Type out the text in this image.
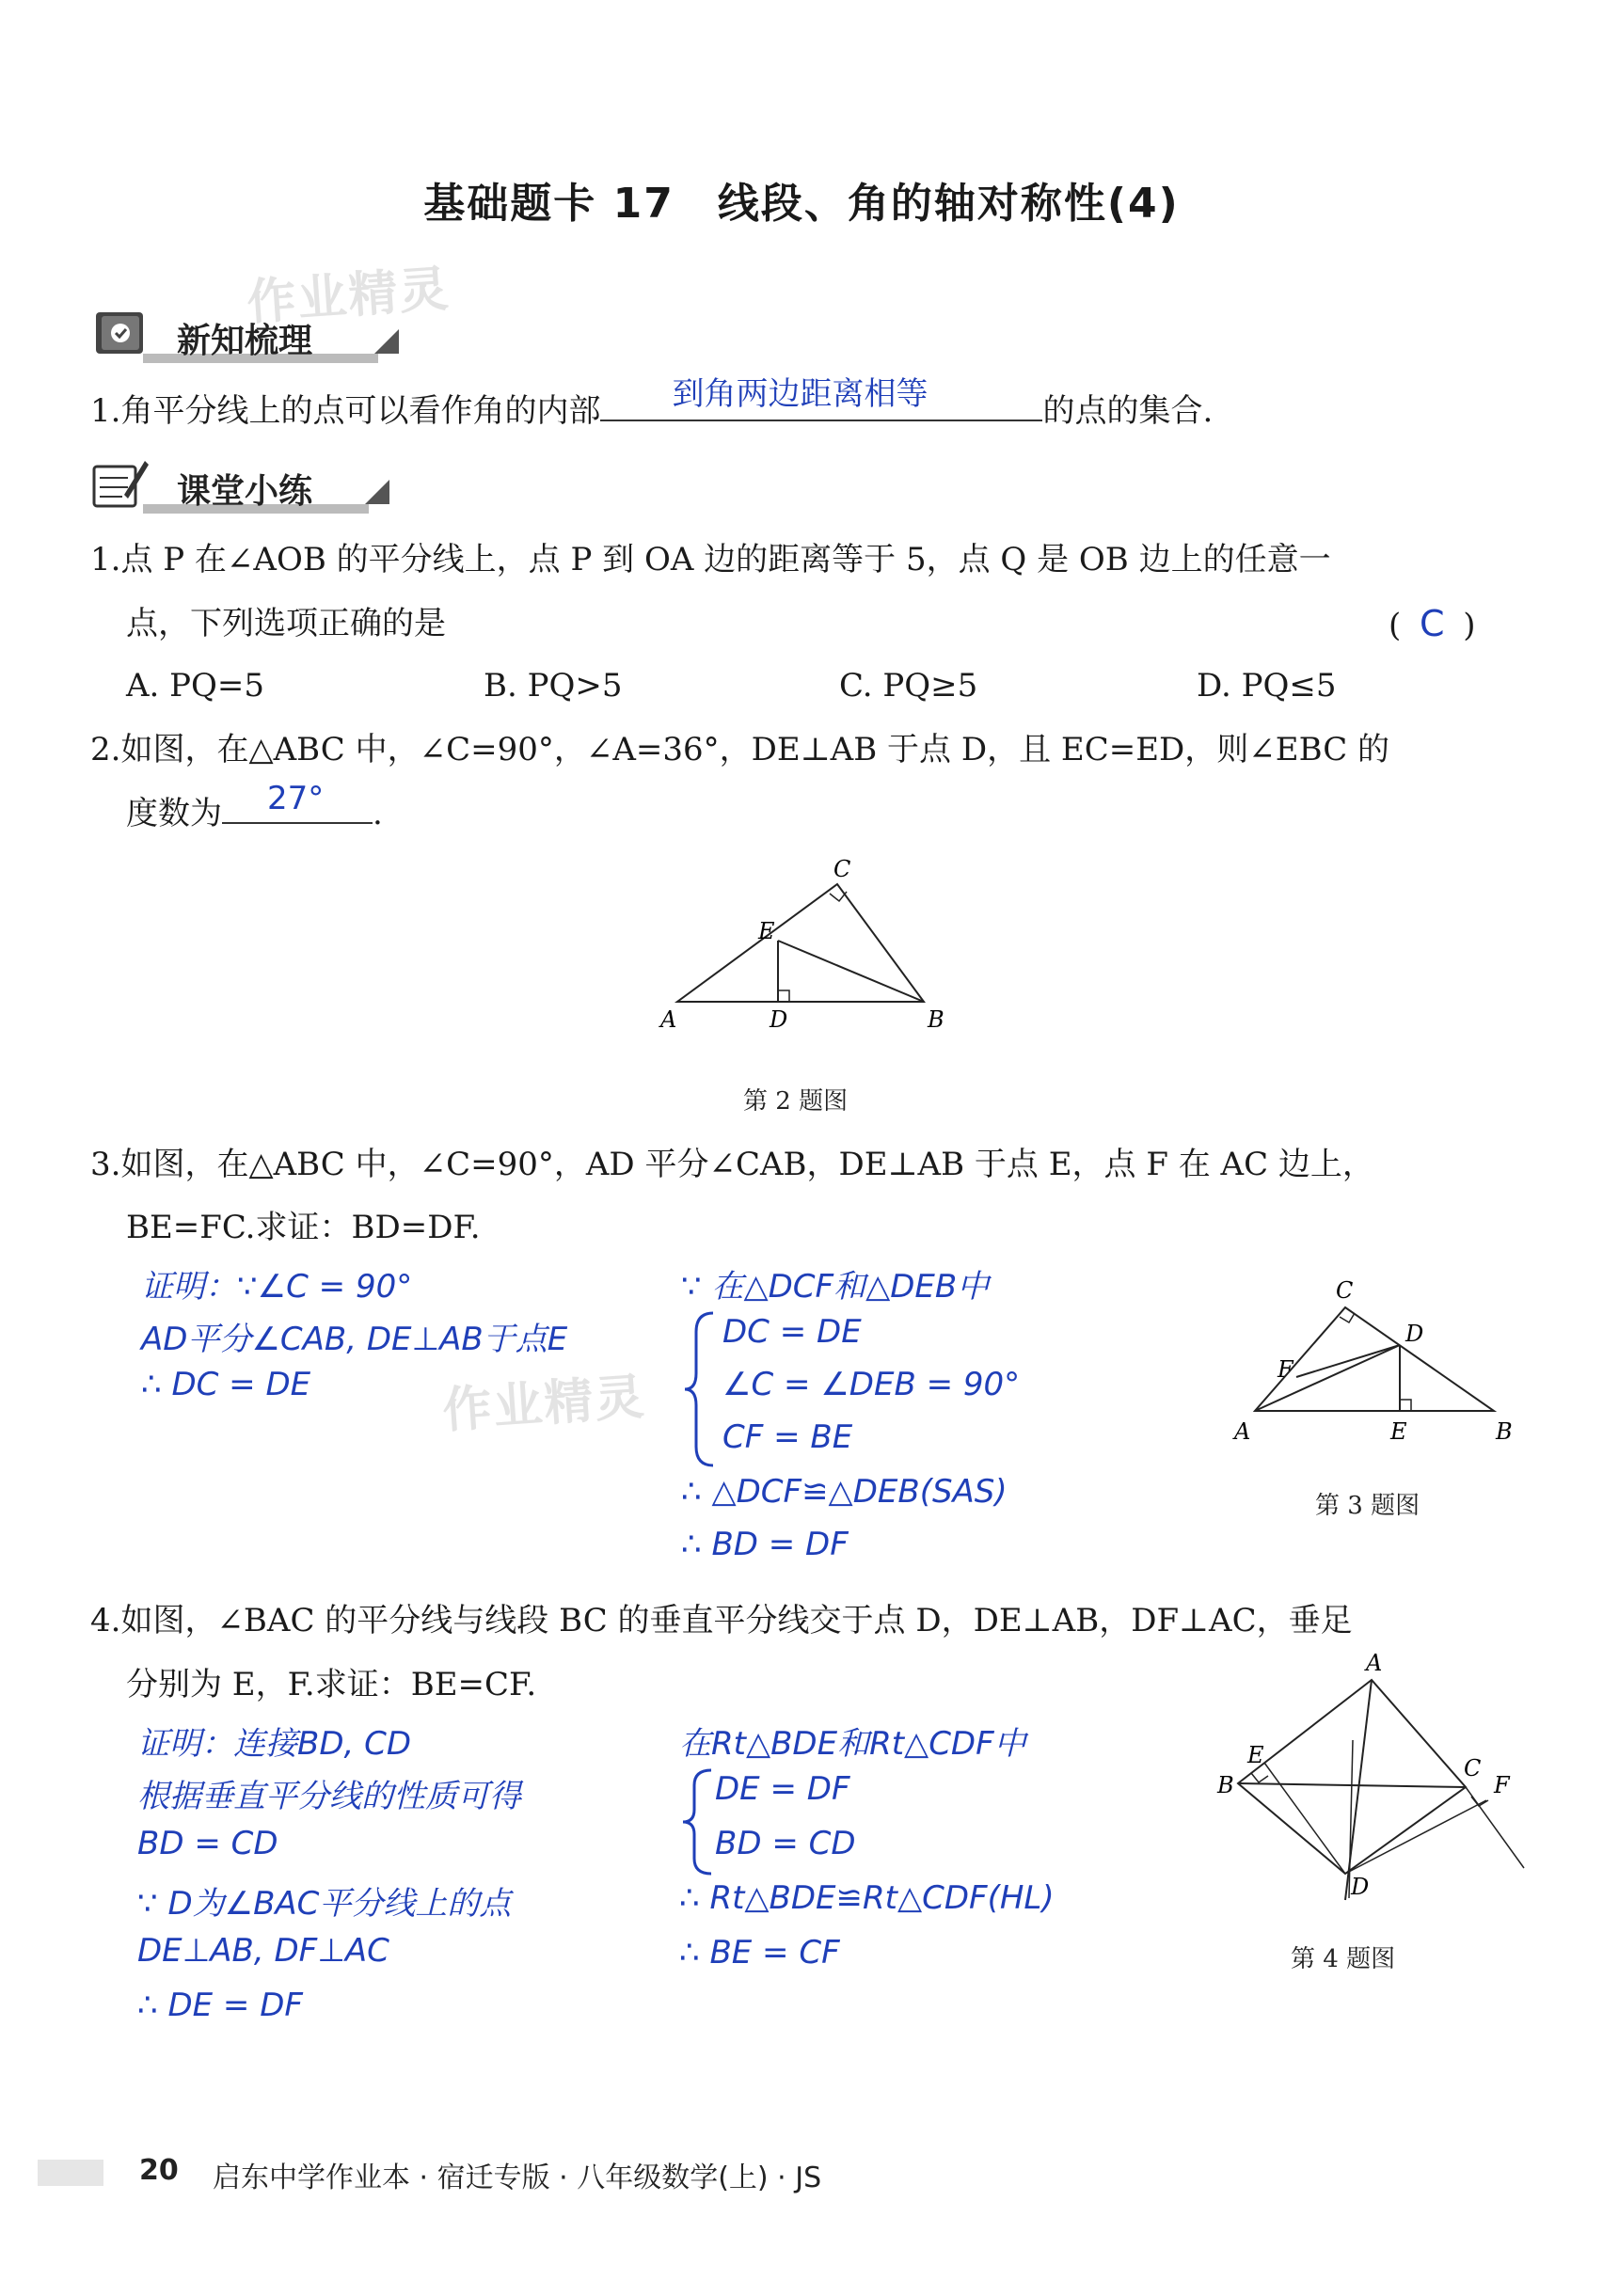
基础题卡 17　线段、角的轴对称性(4)
作业精灵
作业精灵
新知梳理
1.角平分线上的点可以看作角的内部 到角两边距离相等	的点的集合.
课堂小练
1.点 P 在∠AOB 的平分线上，点 P 到 OA 边的距离等于 5，点 Q 是 OB 边上的任意一
点，下列选项正确的是	( C )
A. PQ=5	B. PQ>5	C. PQ≥5	D. PQ≤5
2.如图，在△ABC 中，∠C=90°，∠A=36°，DE⊥AB 于点 D，且 EC=ED，则∠EBC 的
度数为 27° .
A	B
C
D
E
第 2 题图
3.如图，在△ABC 中，∠C=90°，AD 平分∠CAB，DE⊥AB 于点 E，点 F 在 AC 边上，
BE=FC.求证：BD=DF.
证明：∵∠C = 90°
AD平分∠CAB, DE⊥AB于点E
∴ DC = DE
∵ 在△DCF和△DEB中
DC = DE
∠C = ∠DEB = 90°
CF = BE
∴ △DCF≌△DEB(SAS)
∴ BD = DF
A	B
C
D
E
F
第 3 题图
4.如图，∠BAC 的平分线与线段 BC 的垂直平分线交于点 D，DE⊥AB，DF⊥AC，垂足
分别为 E，F.求证：BE=CF.
证明：连接BD, CD
根据垂直平分线的性质可得
BD = CD
∵ D为∠BAC平分线上的点
DE⊥AB, DF⊥AC
∴ DE = DF
在Rt△BDE和Rt△CDF中
DE = DF
BD = CD
∴ Rt△BDE≌Rt△CDF(HL)
∴ BE = CF
A
B
C
D
E
F
第 4 题图
20 启东中学作业本 · 宿迁专版 · 八年级数学(上) · JS
